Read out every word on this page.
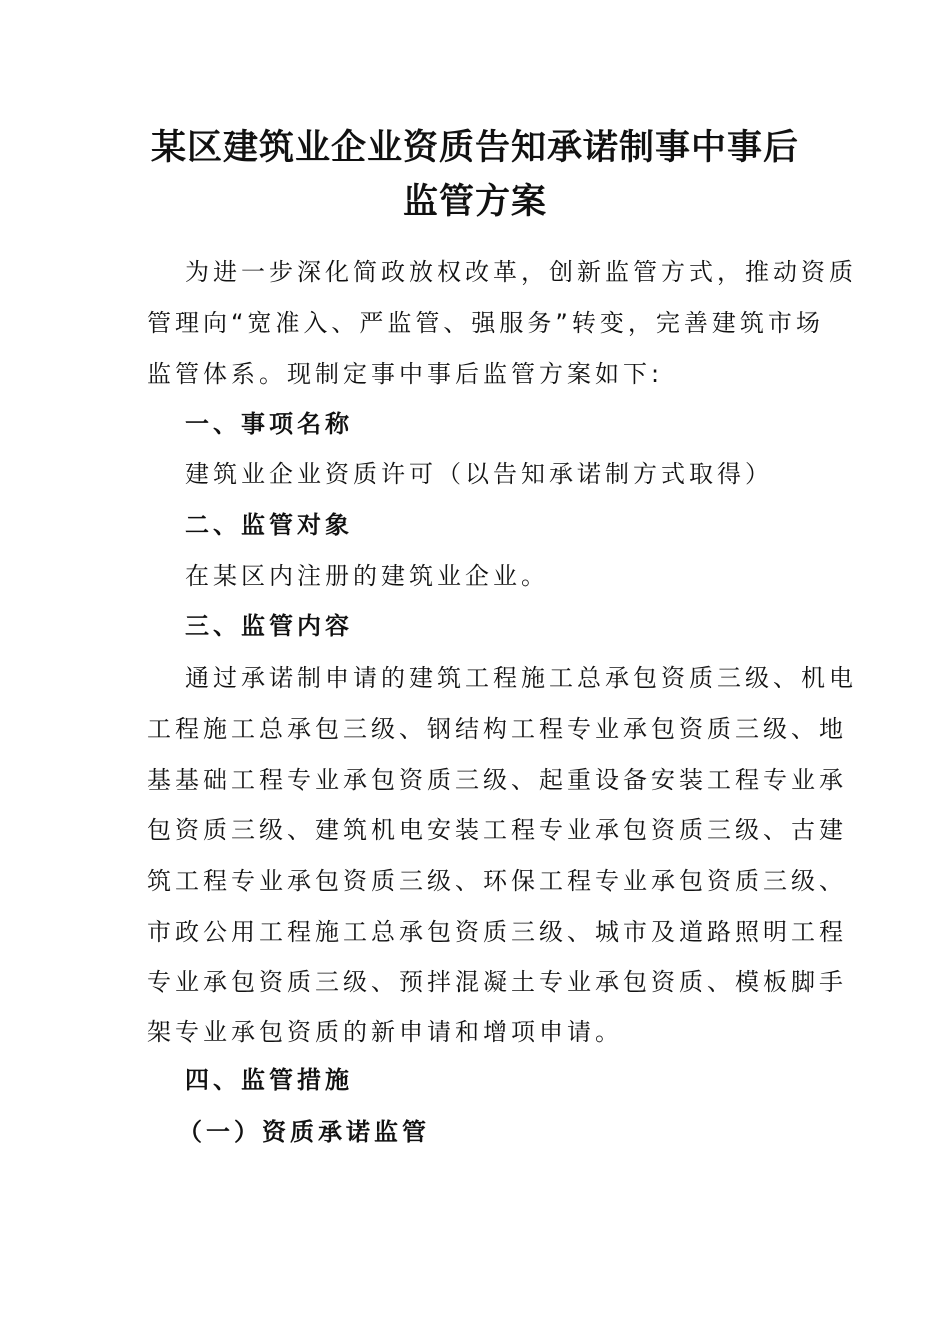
某区建筑业企业资质告知承诺制事中事后
监管方案
为进一步深化简政放权改革，创新监管方式，推动资质
管理向“宽准入、严监管、强服务”转变，完善建筑市场
监管体系。现制定事中事后监管方案如下:
一、事项名称
建筑业企业资质许可（以告知承诺制方式取得）
二、监管对象
在某区内注册的建筑业企业。
三、监管内容
通过承诺制申请的建筑工程施工总承包资质三级、机电
工程施工总承包三级、钢结构工程专业承包资质三级、地
基基础工程专业承包资质三级、起重设备安装工程专业承
包资质三级、建筑机电安装工程专业承包资质三级、古建
筑工程专业承包资质三级、环保工程专业承包资质三级、
市政公用工程施工总承包资质三级、城市及道路照明工程
专业承包资质三级、预拌混凝土专业承包资质、模板脚手
架专业承包资质的新申请和增项申请。
四、监管措施
（一）资质承诺监管
